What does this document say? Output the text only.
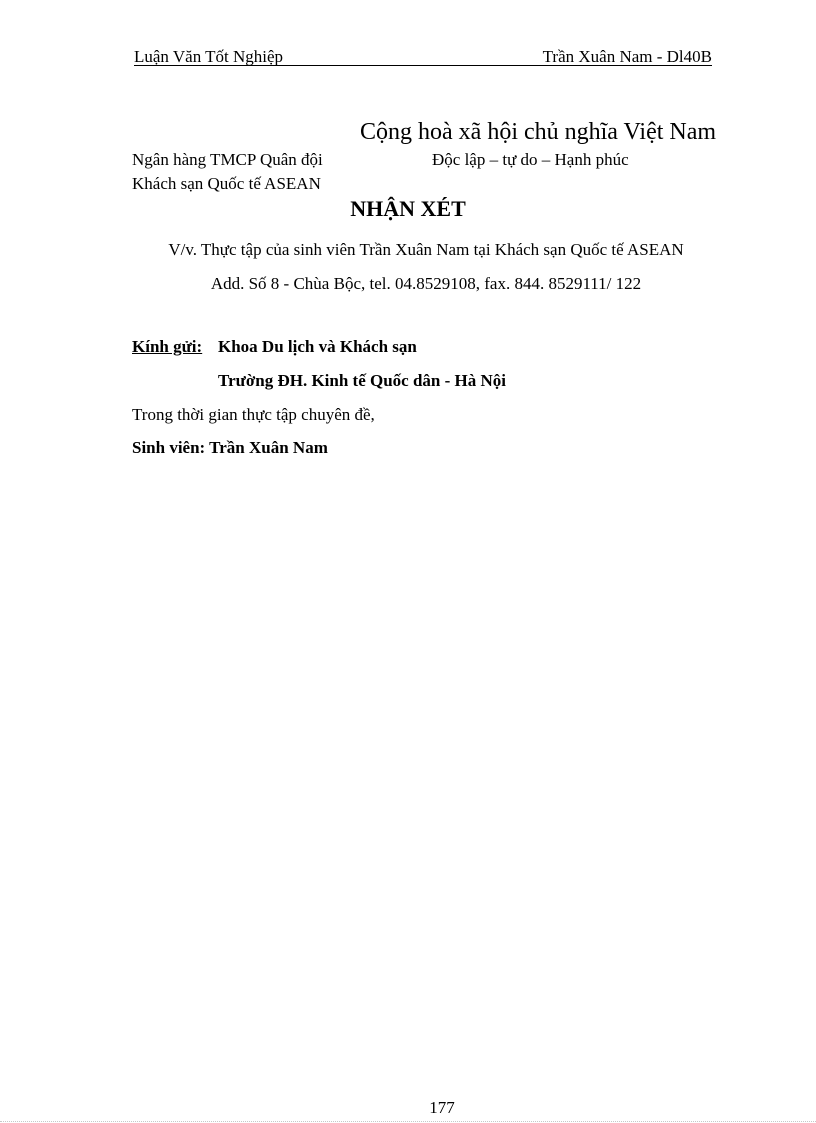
Luận Văn Tốt Nghiệp	Trần Xuân Nam - Dl40B
Cộng hoà xã hội chủ nghĩa Việt Nam
Ngân hàng TMCP Quân đội	Độc lập – tự do – Hạnh phúc
Khách sạn Quốc tế ASEAN
NHẬN XÉT
V/v. Thực tập của sinh viên Trần Xuân Nam tại Khách sạn Quốc tế ASEAN
Add. Số 8 - Chùa Bộc, tel. 04.8529108, fax. 844. 8529111/ 122
Kính gửi: Khoa Du lịch và Khách sạn
Trường ĐH. Kinh tế Quốc dân - Hà Nội
Trong thời gian thực tập chuyên đề,
Sinh viên: Trần Xuân Nam
177
